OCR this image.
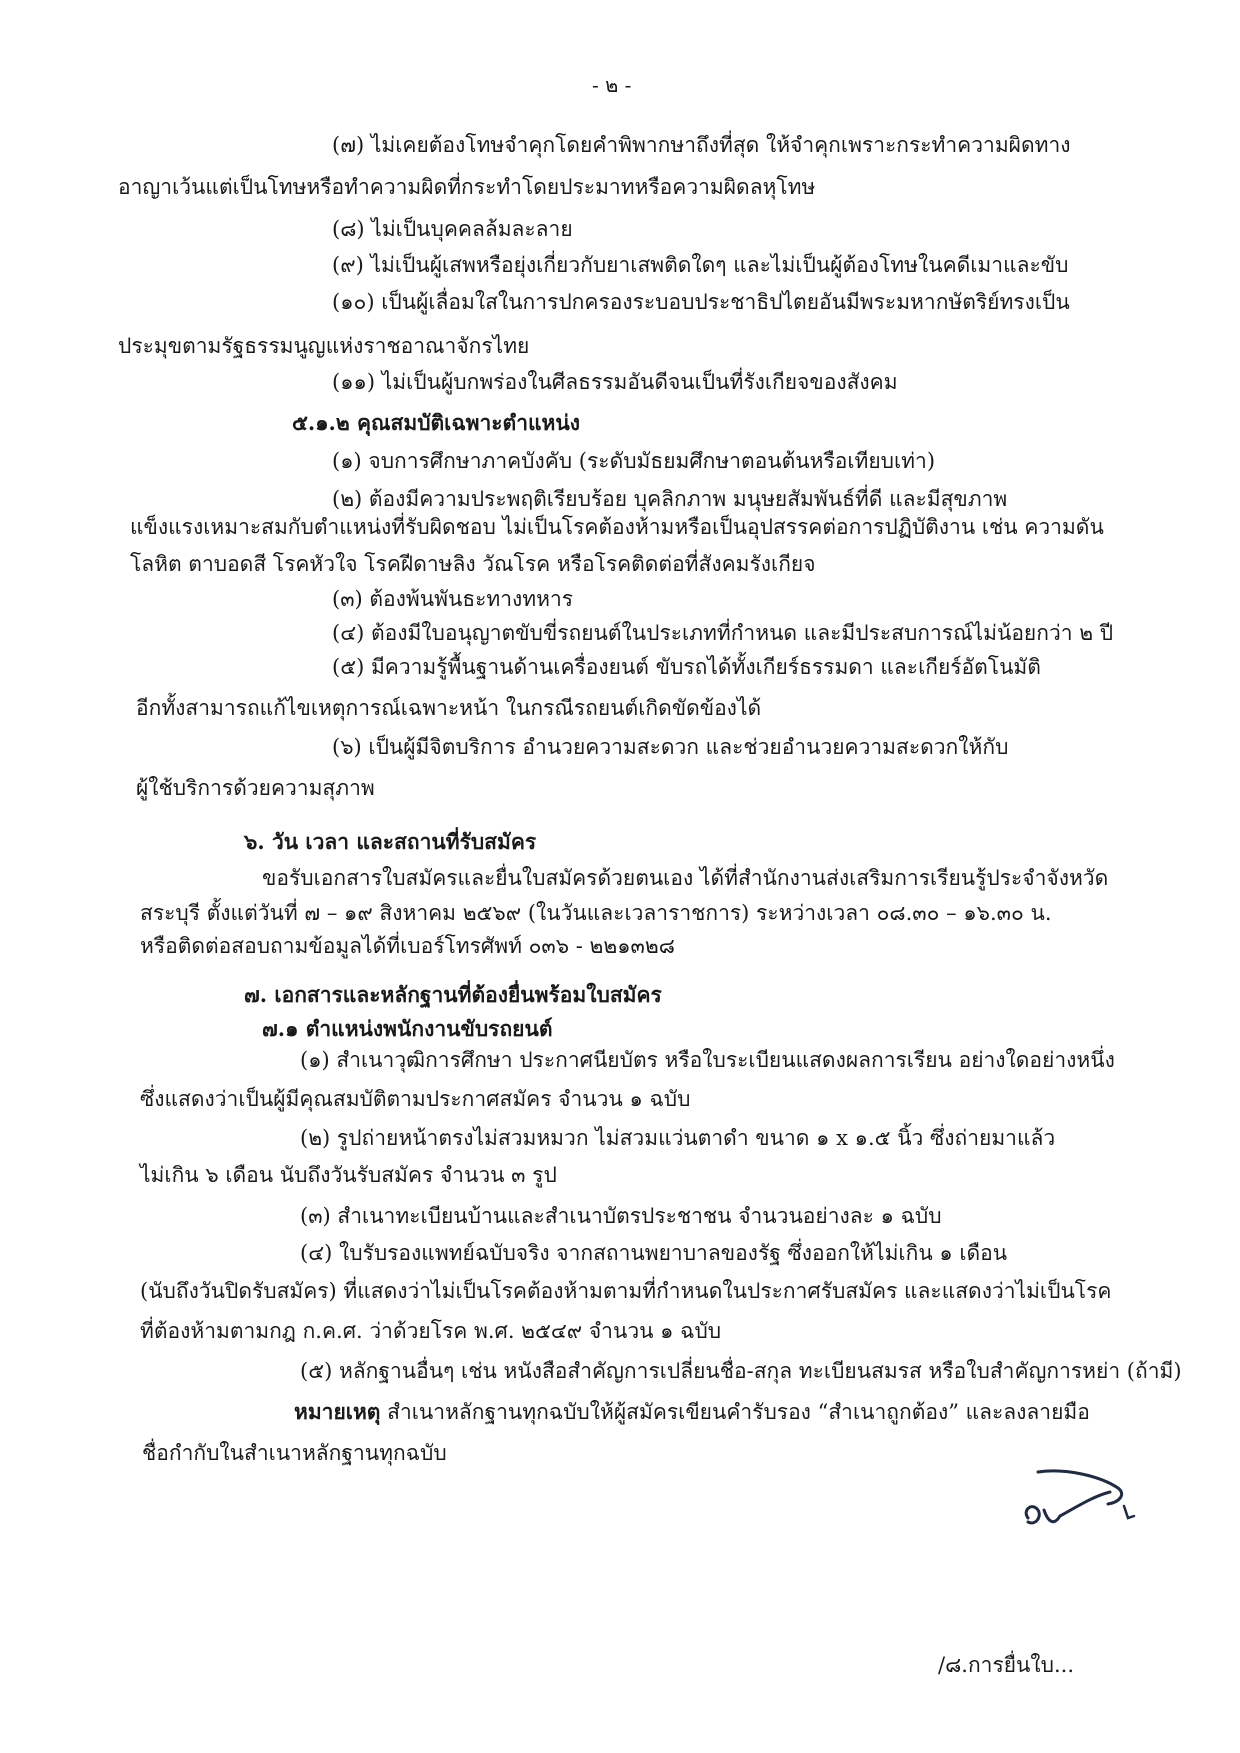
- ๒ -
(๗) ไม่เคยต้องโทษจำคุกโดยคำพิพากษาถึงที่สุด ให้จำคุกเพราะกระทำความผิดทาง
อาญาเว้นแต่เป็นโทษหรือทำความผิดที่กระทำโดยประมาทหรือความผิดลหุโทษ
(๘) ไม่เป็นบุคคลล้มละลาย
(๙) ไม่เป็นผู้เสพหรือยุ่งเกี่ยวกับยาเสพติดใดๆ และไม่เป็นผู้ต้องโทษในคดีเมาและขับ
(๑๐) เป็นผู้เลื่อมใสในการปกครองระบอบประชาธิปไตยอันมีพระมหากษัตริย์ทรงเป็น
ประมุขตามรัฐธรรมนูญแห่งราชอาณาจักรไทย
(๑๑) ไม่เป็นผู้บกพร่องในศีลธรรมอันดีจนเป็นที่รังเกียจของสังคม
๕.๑.๒ คุณสมบัติเฉพาะตำแหน่ง
(๑) จบการศึกษาภาคบังคับ (ระดับมัธยมศึกษาตอนต้นหรือเทียบเท่า)
(๒) ต้องมีความประพฤติเรียบร้อย บุคลิกภาพ มนุษยสัมพันธ์ที่ดี และมีสุขภาพ
แข็งแรงเหมาะสมกับตำแหน่งที่รับผิดชอบ ไม่เป็นโรคต้องห้ามหรือเป็นอุปสรรคต่อการปฏิบัติงาน เช่น ความดัน
โลหิต ตาบอดสี โรคหัวใจ โรคฝีดาษลิง วัณโรค หรือโรคติดต่อที่สังคมรังเกียจ
(๓) ต้องพ้นพันธะทางทหาร
(๔) ต้องมีใบอนุญาตขับขี่รถยนต์ในประเภทที่กำหนด และมีประสบการณ์ไม่น้อยกว่า ๒ ปี
(๕) มีความรู้พื้นฐานด้านเครื่องยนต์ ขับรถได้ทั้งเกียร์ธรรมดา และเกียร์อัตโนมัติ
อีกทั้งสามารถแก้ไขเหตุการณ์เฉพาะหน้า ในกรณีรถยนต์เกิดขัดข้องได้
(๖) เป็นผู้มีจิตบริการ อำนวยความสะดวก และช่วยอำนวยความสะดวกให้กับ
ผู้ใช้บริการด้วยความสุภาพ
๖. วัน เวลา และสถานที่รับสมัคร
ขอรับเอกสารใบสมัครและยื่นใบสมัครด้วยตนเอง ได้ที่สำนักงานส่งเสริมการเรียนรู้ประจำจังหวัด
สระบุรี ตั้งแต่วันที่ ๗ – ๑๙ สิงหาคม ๒๕๖๙ (ในวันและเวลาราชการ) ระหว่างเวลา ๐๘.๓๐ – ๑๖.๓๐ น.
หรือติดต่อสอบถามข้อมูลได้ที่เบอร์โทรศัพท์ ๐๓๖ - ๒๒๑๓๒๘
๗. เอกสารและหลักฐานที่ต้องยื่นพร้อมใบสมัคร
๗.๑ ตำแหน่งพนักงานขับรถยนต์
(๑) สำเนาวุฒิการศึกษา ประกาศนียบัตร หรือใบระเบียนแสดงผลการเรียน อย่างใดอย่างหนึ่ง
ซึ่งแสดงว่าเป็นผู้มีคุณสมบัติตามประกาศสมัคร จำนวน ๑ ฉบับ
(๒) รูปถ่ายหน้าตรงไม่สวมหมวก ไม่สวมแว่นตาดำ ขนาด ๑ x ๑.๕ นิ้ว ซึ่งถ่ายมาแล้ว
ไม่เกิน ๖ เดือน นับถึงวันรับสมัคร จำนวน ๓ รูป
(๓) สำเนาทะเบียนบ้านและสำเนาบัตรประชาชน จำนวนอย่างละ ๑ ฉบับ
(๔) ใบรับรองแพทย์ฉบับจริง จากสถานพยาบาลของรัฐ ซึ่งออกให้ไม่เกิน ๑ เดือน
(นับถึงวันปิดรับสมัคร) ที่แสดงว่าไม่เป็นโรคต้องห้ามตามที่กำหนดในประกาศรับสมัคร และแสดงว่าไม่เป็นโรค
ที่ต้องห้ามตามกฎ ก.ค.ศ. ว่าด้วยโรค พ.ศ. ๒๕๔๙ จำนวน ๑ ฉบับ
(๕) หลักฐานอื่นๆ เช่น หนังสือสำคัญการเปลี่ยนชื่อ-สกุล ทะเบียนสมรส หรือใบสำคัญการหย่า (ถ้ามี)
หมายเหตุ สำเนาหลักฐานทุกฉบับให้ผู้สมัครเขียนคำรับรอง “สำเนาถูกต้อง” และลงลายมือ
ชื่อกำกับในสำเนาหลักฐานทุกฉบับ
/๘.การยื่นใบ...
